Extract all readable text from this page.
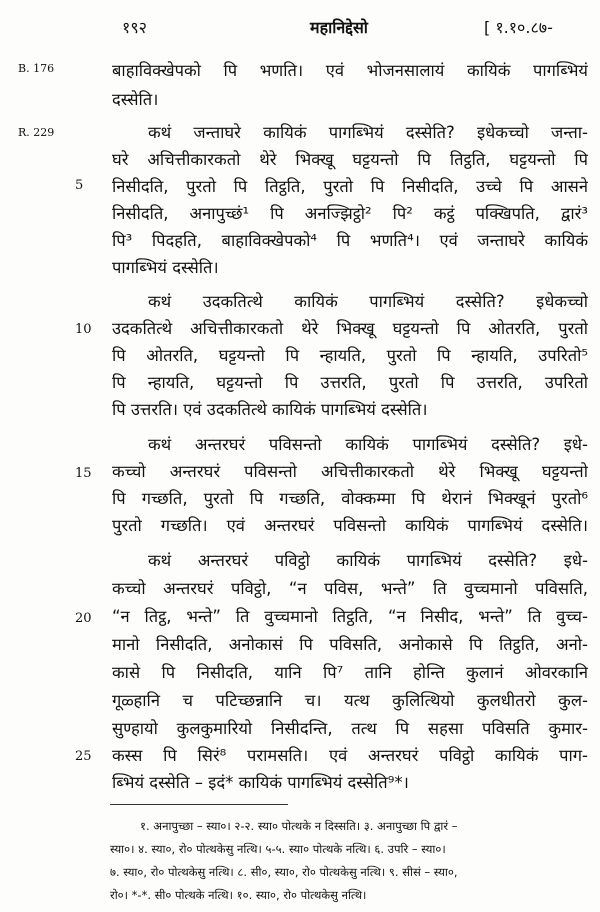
१९२	महानिद्देसो	[ १.१०.८७-
B. 176
R. 229
5
10
15
20
25
बाहाविक्खेपको पि भणति। एवं भोजनसालायं कायिकं पागब्भियं
दस्सेति।
कथं जन्ताघरे कायिकं पागब्भियं दस्सेति? इधेकच्चो जन्ता-
घरे अचित्तीकारकतो थेरे भिक्खू घट्टयन्तो पि तिट्ठति, घट्टयन्तो पि
निसीदति, पुरतो पि तिट्ठति, पुरतो पि निसीदति, उच्चे पि आसने
निसीदति, अनापुच्छं¹ पि अनज्झिट्ठो² पि² कट्ठं पक्खिपति, द्वारं³
पि³ पिदहति, बाहाविक्खेपको⁴ पि भणति⁴। एवं जन्ताघरे कायिकं
पागब्भियं दस्सेति।
कथं उदकतित्थे कायिकं पागब्भियं दस्सेति? इधेकच्चो
उदकतित्थे अचित्तीकारकतो थेरे भिक्खू घट्टयन्तो पि ओतरति, पुरतो
पि ओतरति, घट्टयन्तो पि न्हायति, पुरतो पि न्हायति, उपरितो⁵
पि न्हायति, घट्टयन्तो पि उत्तरति, पुरतो पि उत्तरति, उपरितो
पि उत्तरति। एवं उदकतित्थे कायिकं पागब्भियं दस्सेति।
कथं अन्तरघरं पविसन्तो कायिकं पागब्भियं दस्सेति? इधे-
कच्चो अन्तरघरं पविसन्तो अचित्तीकारकतो थेरे भिक्खू घट्टयन्तो
पि गच्छति, पुरतो पि गच्छति, वोक्कम्मा पि थेरानं भिक्खूनं पुरतो⁶
पुरतो गच्छति। एवं अन्तरघरं पविसन्तो कायिकं पागब्भियं दस्सेति।
कथं अन्तरघरं पविट्ठो कायिकं पागब्भियं दस्सेति? इधे-
कच्चो अन्तरघरं पविट्ठो, “न पविस, भन्ते” ति वुच्चमानो पविसति,
“न तिट्ठ, भन्ते” ति वुच्चमानो तिट्ठति, “न निसीद, भन्ते” ति वुच्च-
मानो निसीदति, अनोकासं पि पविसति, अनोकासे पि तिट्ठति, अनो-
कासे पि निसीदति, यानि पि⁷ तानि होन्ति कुलानं ओवरकानि
गूळ्हानि च पटिच्छन्नानि च। यत्थ कुलित्थियो कुलधीतरो कुल-
सुण्हायो कुलकुमारियो निसीदन्ति, तत्थ पि सहसा पविसति कुमार-
कस्स पि सिरं⁸ परामसति। एवं अन्तरघरं पविट्ठो कायिकं पाग-
ब्भियं दस्सेति – इदं* कायिकं पागब्भियं दस्सेति⁹*।
१. अनापुच्छा – स्या०। २-२. स्या० पोत्थके न दिस्सति। ३. अनापुच्छा पि द्वारं –
स्या०। ४. स्या०, रो० पोत्थकेसु नत्थि। ५-५. स्या० पोत्थके नत्थि। ६. उपरि – स्या०।
७. स्या०, रो० पोत्थकेसु नत्थि। ८. सी०, स्या०, रो० पोत्थकेसु नत्थि। ९. सीसं – स्या०,
रो०। *-*. सी० पोत्थके नत्थि। १०. स्या०, रो० पोत्थकेसु नत्थि।
